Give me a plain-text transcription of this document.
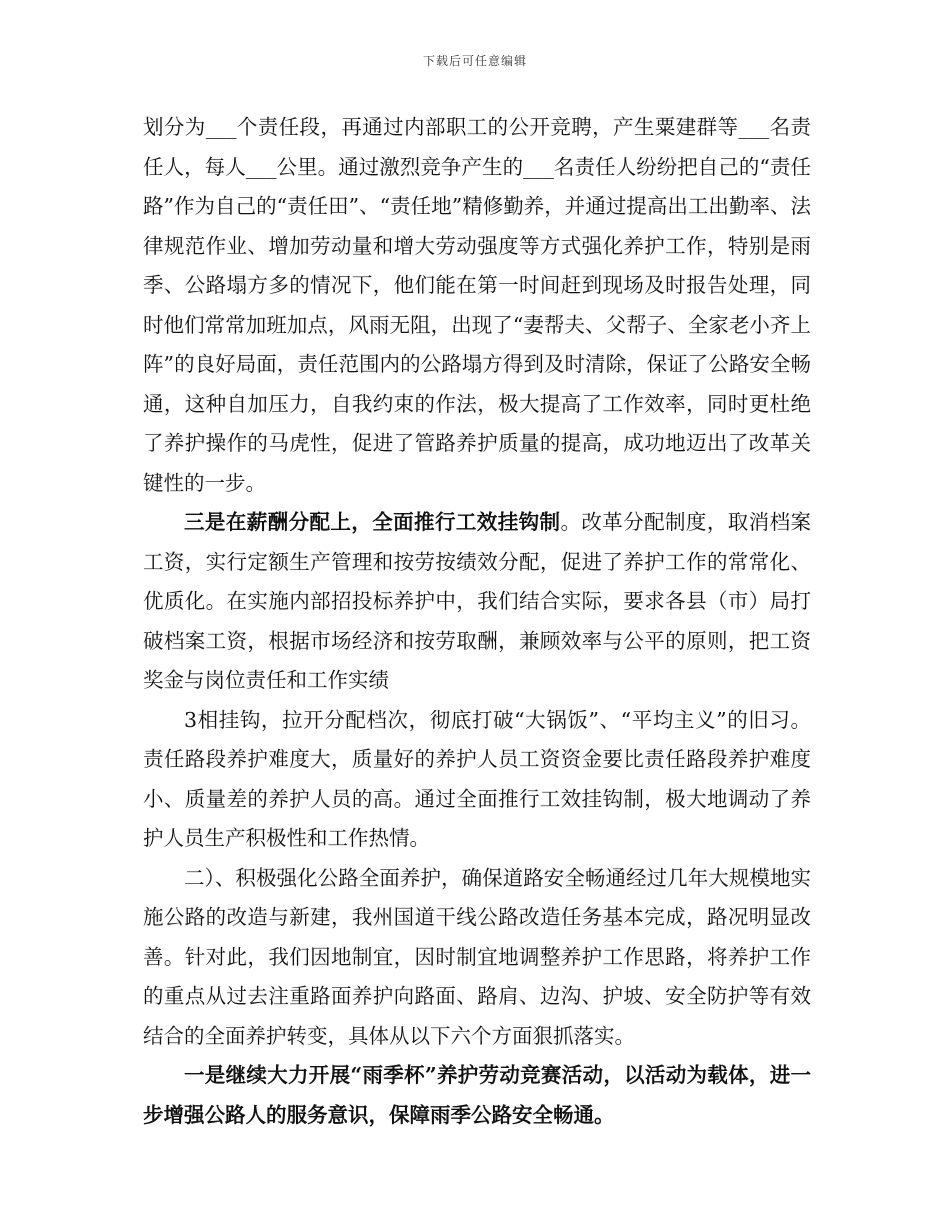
下载后可任意编辑

划分为___个责任段，再通过内部职工的公开竞聘，产生粟建群等___名责任人，每人___公里。通过激烈竞争产生的___名责任人纷纷把自己的“责任路”作为自己的“责任田”、“责任地”精修勤养，并通过提高出工出勤率、法律规范作业、增加劳动量和增大劳动强度等方式强化养护工作，特别是雨季、公路塌方多的情况下，他们能在第一时间赶到现场及时报告处理，同时他们常常加班加点，风雨无阻，出现了“妻帮夫、父帮子、全家老小齐上阵”的良好局面，责任范围内的公路塌方得到及时清除，保证了公路安全畅通，这种自加压力，自我约束的作法，极大提高了工作效率，同时更杜绝了养护操作的马虎性，促进了管路养护质量的提高，成功地迈出了改革关键性的一步。

三是在薪酬分配上，全面推行工效挂钩制。改革分配制度，取消档案工资，实行定额生产管理和按劳按绩效分配，促进了养护工作的常常化、优质化。在实施内部招投标养护中，我们结合实际，要求各县（市）局打破档案工资，根据市场经济和按劳取酬，兼顾效率与公平的原则，把工资奖金与岗位责任和工作实绩

3相挂钩，拉开分配档次，彻底打破“大锅饭”、“平均主义”的旧习。责任路段养护难度大，质量好的养护人员工资资金要比责任路段养护难度小、质量差的养护人员的高。通过全面推行工效挂钩制，极大地调动了养护人员生产积极性和工作热情。

二）、积极强化公路全面养护，确保道路安全畅通经过几年大规模地实施公路的改造与新建，我州国道干线公路改造任务基本完成，路况明显改善。针对此，我们因地制宜，因时制宜地调整养护工作思路，将养护工作的重点从过去注重路面养护向路面、路肩、边沟、护坡、安全防护等有效结合的全面养护转变，具体从以下六个方面狠抓落实。

一是继续大力开展“雨季杯”养护劳动竞赛活动，以活动为载体，进一步增强公路人的服务意识，保障雨季公路安全畅通。
